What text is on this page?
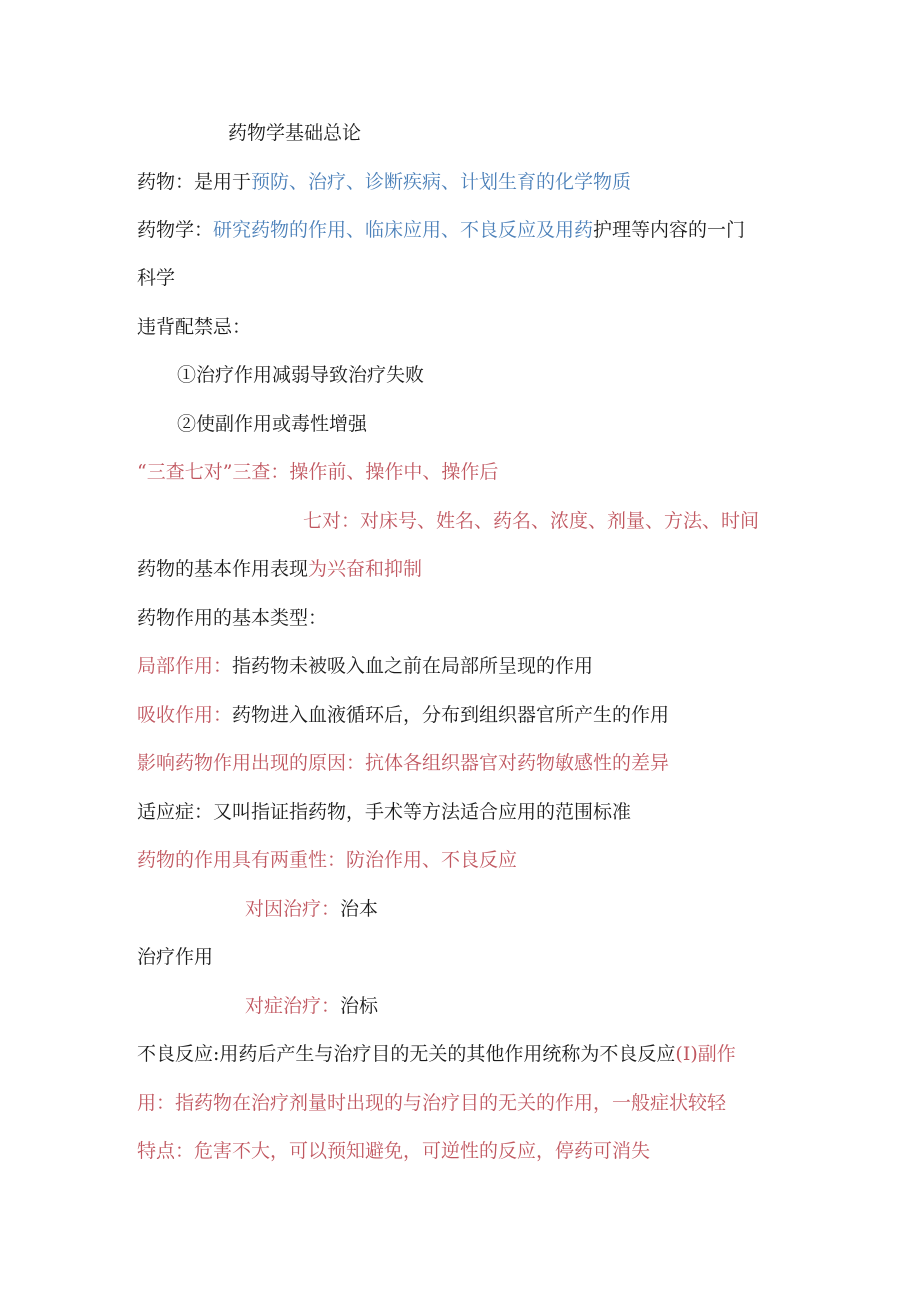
药物学基础总论
药物：是用于预防、治疗、诊断疾病、计划生育的化学物质
药物学：研究药物的作用、临床应用、不良反应及用药护理等内容的一门
科学
违背配禁忌：
①治疗作用减弱导致治疗失败
②使副作用或毒性增强
“三查七对”三查：操作前、操作中、操作后
七对：对床号、姓名、药名、浓度、剂量、方法、时间
药物的基本作用表现为兴奋和抑制
药物作用的基本类型：
局部作用：指药物未被吸入血之前在局部所呈现的作用
吸收作用：药物进入血液循环后，分布到组织器官所产生的作用
影响药物作用出现的原因：抗体各组织器官对药物敏感性的差异
适应症：又叫指证指药物，手术等方法适合应用的范围标准
药物的作用具有两重性：防治作用、不良反应
对因治疗：治本
治疗作用
对症治疗：治标
不良反应:用药后产生与治疗目的无关的其他作用统称为不良反应(I)副作
用：指药物在治疗剂量时出现的与治疗目的无关的作用，一般症状较轻
特点：危害不大，可以预知避免，可逆性的反应，停药可消失
